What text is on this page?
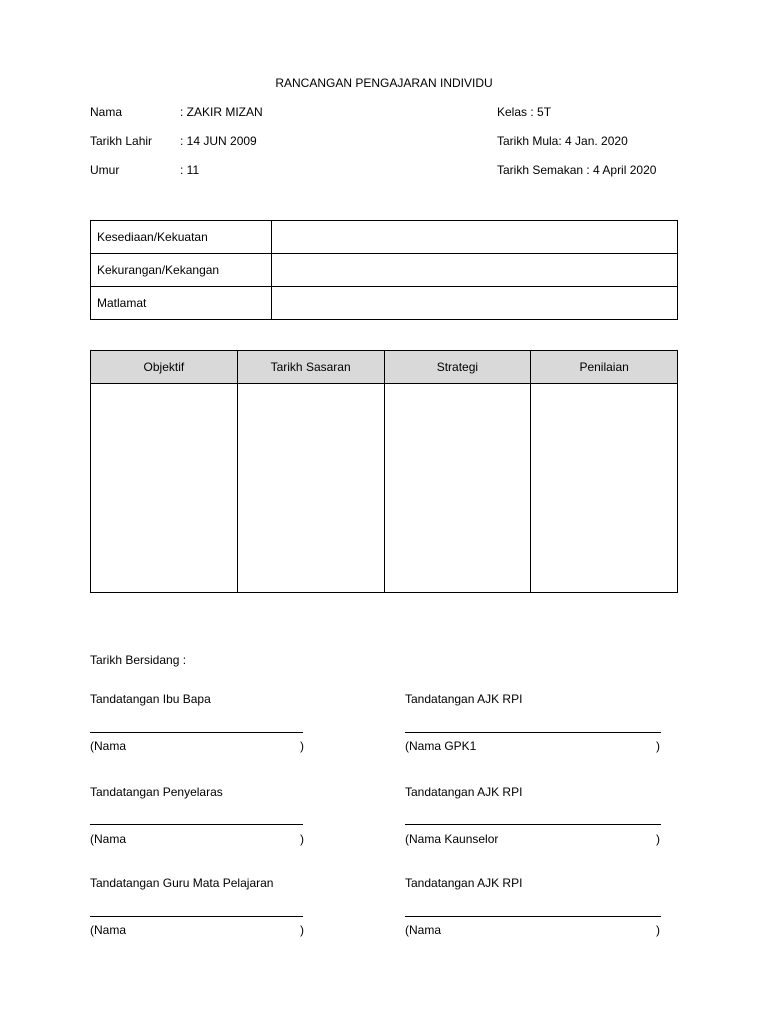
RANCANGAN PENGAJARAN INDIVIDU
Nama	: ZAKIR MIZAN	Kelas : 5T
Tarikh Lahir : 14 JUN 2009	Tarikh Mula: 4 Jan. 2020
Umur	: 11	Tarikh Semakan : 4 April 2020
Kesediaan/Kekuatan	
Kekurangan/Kekangan	
Matlamat	
Objektif	Tarikh Sasaran	Strategi	Penilaian

Tarikh Bersidang :
Tandatangan Ibu Bapa
(Nama	)
Tandatangan Penyelaras
(Nama	)
Tandatangan Guru Mata Pelajaran
(Nama	)
Tandatangan AJK RPI
(Nama GPK1	)
Tandatangan AJK RPI
(Nama Kaunselor	)
Tandatangan AJK RPI
(Nama	)
